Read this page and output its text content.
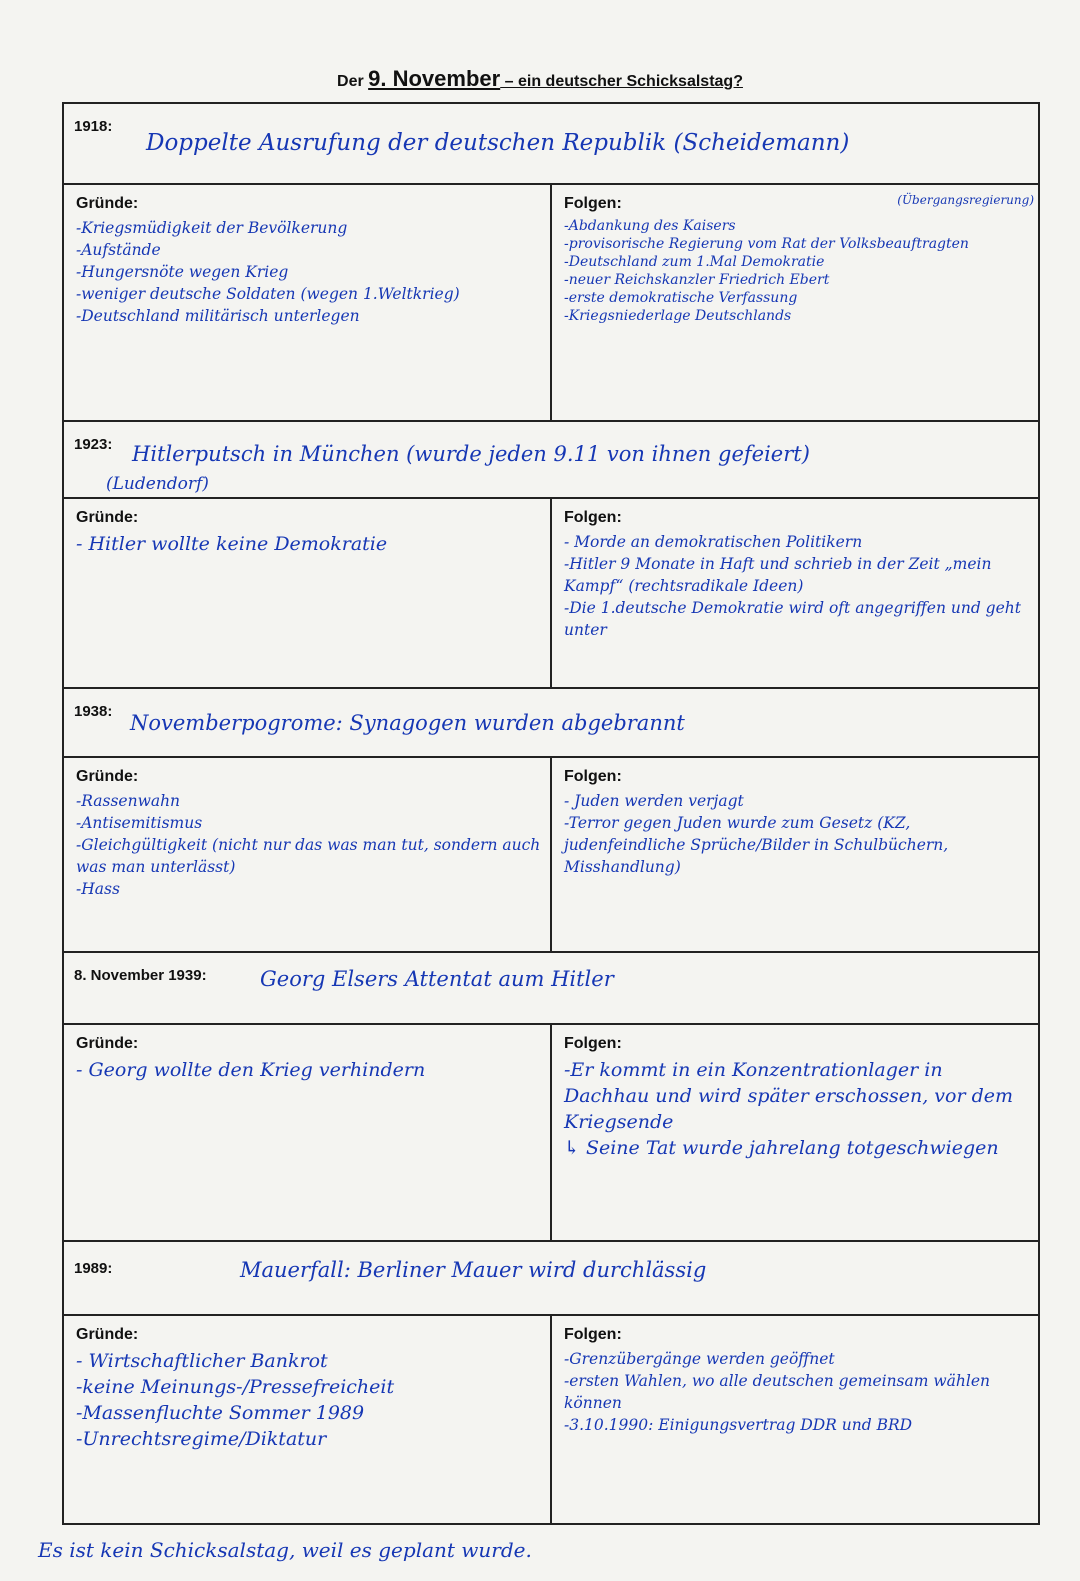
Der 9. November – ein deutscher Schicksalstag?
1918:
Doppelte Ausrufung der deutschen Republik (Scheidemann)
Gründe:
-Kriegsmüdigkeit der Bevölkerung
-Aufstände
-Hungersnöte wegen Krieg
-weniger deutsche Soldaten (wegen 1.Weltkrieg)
-Deutschland militärisch unterlegen
Folgen:
-Abdankung des Kaisers
-provisorische Regierung vom Rat der Volksbeauftragten
-Deutschland zum 1.Mal Demokratie
-neuer Reichskanzler Friedrich Ebert
-erste demokratische Verfassung
-Kriegsniederlage Deutschlands
(Übergangsregierung)
1923: Hitlerputsch in München (wurde jeden 9.11 von ihnen gefeiert)
(Ludendorf)
Gründe:
- Hitler wollte keine Demokratie
Folgen:
- Morde an demokratischen Politikern
-Hitler 9 Monate in Haft und schrieb in der Zeit „mein Kampf“ (rechtsradikale Ideen)
-Die 1.deutsche Demokratie wird oft angegriffen und geht unter
1938: Novemberpogrome: Synagogen wurden abgebrannt
Gründe:
-Rassenwahn
-Antisemitismus
-Gleichgültigkeit (nicht nur das was man tut, sondern auch was man unterlässt)
-Hass
Folgen:
- Juden werden verjagt
-Terror gegen Juden wurde zum Gesetz (KZ, judenfeindliche Sprüche/Bilder in Schulbüchern, Misshandlung)
8. November 1939:	Georg Elsers Attentat aum Hitler
Gründe:
- Georg wollte den Krieg verhindern
Folgen:
-Er kommt in ein Konzentrationlager in Dachhau und wird später erschossen, vor dem Kriegsende
↳ Seine Tat wurde jahrelang totgeschwiegen
1989:	Mauerfall: Berliner Mauer wird durchlässig
Gründe:
- Wirtschaftlicher Bankrot
-keine Meinungs-/Pressefreicheit
-Massenfluchte Sommer 1989
-Unrechtsregime/Diktatur
Folgen:
-Grenzübergänge werden geöffnet
-ersten Wahlen, wo alle deutschen gemeinsam wählen können
-3.10.1990: Einigungsvertrag DDR und BRD
Es ist kein Schicksalstag, weil es geplant wurde.
